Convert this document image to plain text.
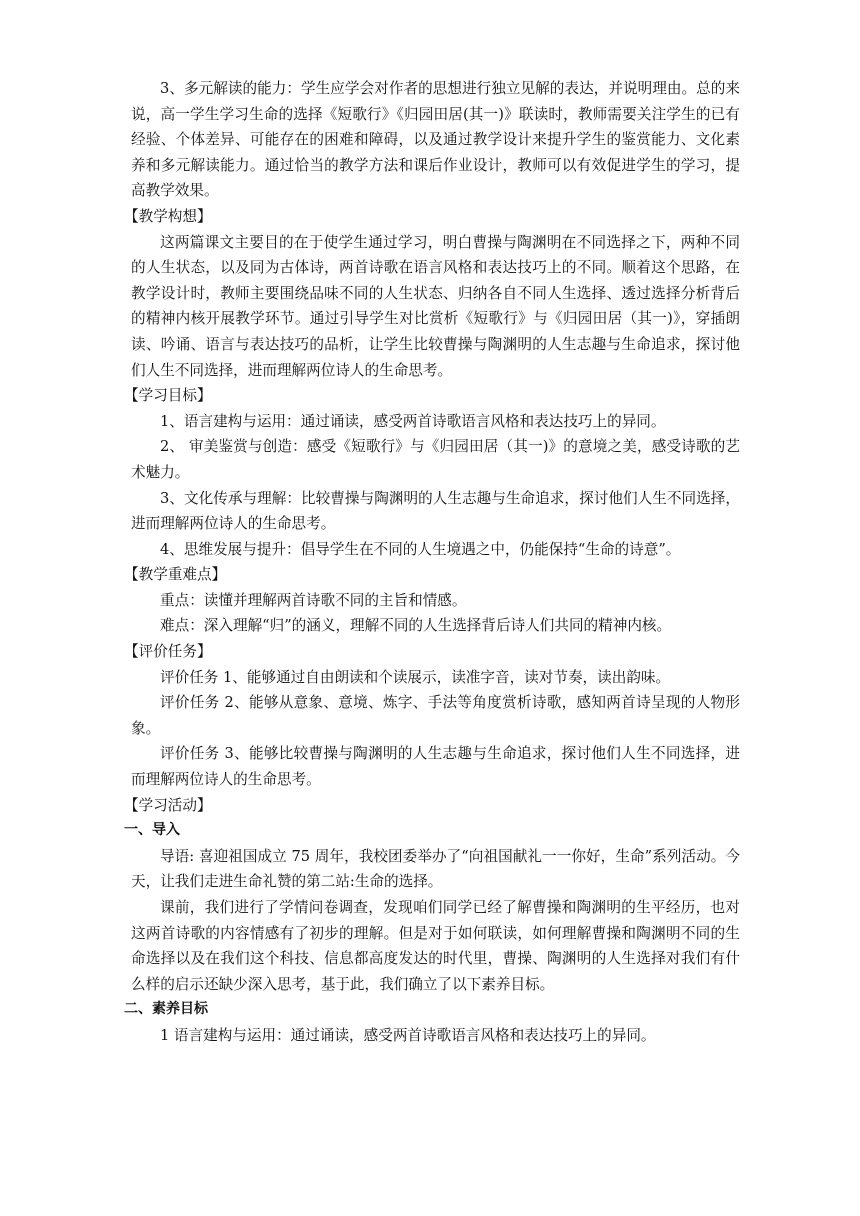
3、多元解读的能力：学生应学会对作者的思想进行独立见解的表达，并说明理由。总的来说，高一学生学习生命的选择《短歌行》《归园田居(其一)》联读时，教师需要关注学生的已有经验、个体差异、可能存在的困难和障碍，以及通过教学设计来提升学生的鉴赏能力、文化素养和多元解读能力。通过恰当的教学方法和课后作业设计，教师可以有效促进学生的学习，提高教学效果。

【教学构想】

这两篇课文主要目的在于使学生通过学习，明白曹操与陶渊明在不同选择之下，两种不同的人生状态，以及同为古体诗，两首诗歌在语言风格和表达技巧上的不同。顺着这个思路，在教学设计时，教师主要围绕品味不同的人生状态、归纳各自不同人生选择、透过选择分析背后的精神内核开展教学环节。通过引导学生对比赏析《短歌行》与《归园田居（其一)》，穿插朗读、吟诵、语言与表达技巧的品析，让学生比较曹操与陶渊明的人生志趣与生命追求，探讨他们人生不同选择，进而理解两位诗人的生命思考。

【学习目标】

1、语言建构与运用：通过诵读，感受两首诗歌语言风格和表达技巧上的异同。

2、 审美鉴赏与创造：感受《短歌行》与《归园田居（其一)》的意境之美，感受诗歌的艺术魅力。

3、文化传承与理解：比较曹操与陶渊明的人生志趣与生命追求，探讨他们人生不同选择，进而理解两位诗人的生命思考。

4、思维发展与提升：倡导学生在不同的人生境遇之中，仍能保持“生命的诗意”。

【教学重难点】

重点：读懂并理解两首诗歌不同的主旨和情感。

难点：深入理解“归”的涵义，理解不同的人生选择背后诗人们共同的精神内核。

【评价任务】

评价任务 1、能够通过自由朗读和个读展示，读准字音，读对节奏，读出韵味。

评价任务 2、能够从意象、意境、炼字、手法等角度赏析诗歌，感知两首诗呈现的人物形象。

评价任务 3、能够比较曹操与陶渊明的人生志趣与生命追求，探讨他们人生不同选择，进而理解两位诗人的生命思考。

【学习活动】

一、导入

导语: 喜迎祖国成立 75 周年，我校团委举办了“向祖国献礼一一你好，生命”系列活动。今天，让我们走进生命礼赞的第二站:生命的选择。

课前，我们进行了学情问卷调查，发现咱们同学已经了解曹操和陶渊明的生平经历，也对这两首诗歌的内容情感有了初步的理解。但是对于如何联读，如何理解曹操和陶渊明不同的生命选择以及在我们这个科技、信息都高度发达的时代里，曹操、陶渊明的人生选择对我们有什么样的启示还缺少深入思考，基于此，我们确立了以下素养目标。

二、素养目标

1 语言建构与运用：通过诵读，感受两首诗歌语言风格和表达技巧上的异同。
